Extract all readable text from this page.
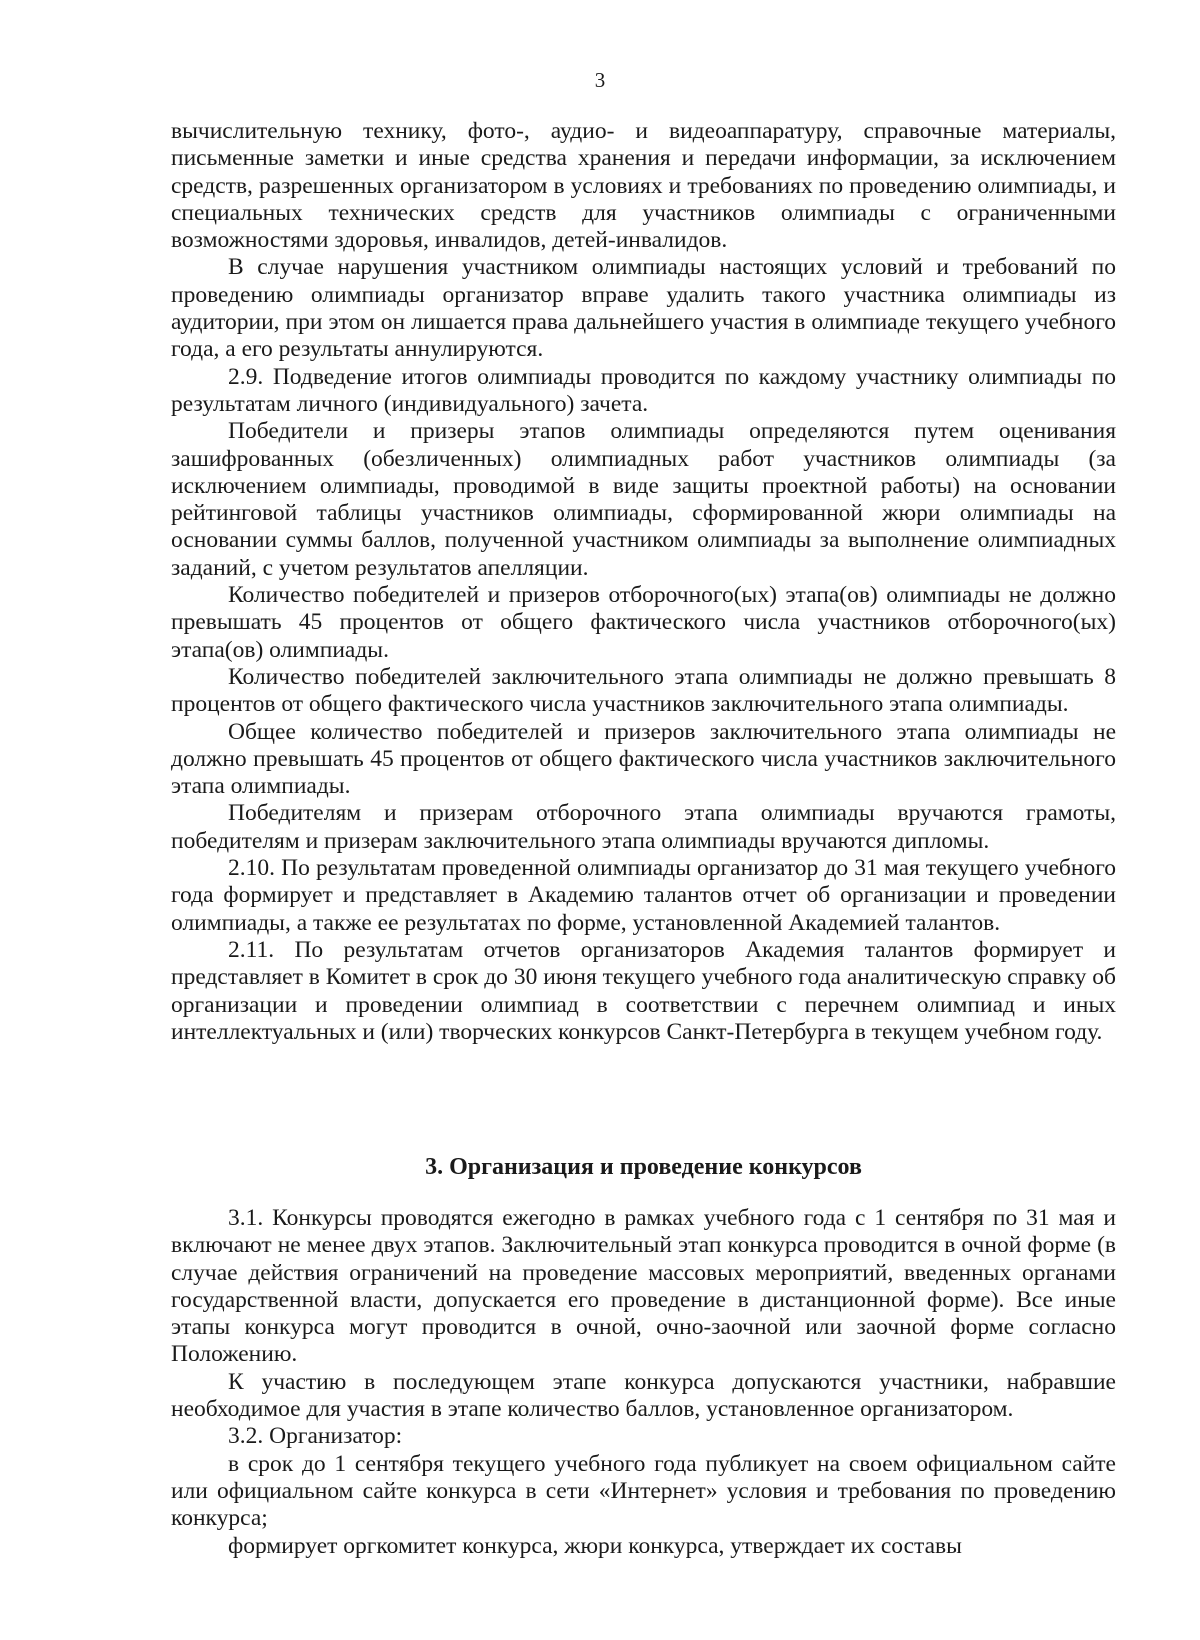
3

вычислительную технику, фото-, аудио- и видеоаппаратуру, справочные материалы, письменные заметки и иные средства хранения и передачи информации, за исключением средств, разрешенных организатором в условиях и требованиях по проведению олимпиады, и специальных технических средств для участников олимпиады с ограниченными возможностями здоровья, инвалидов, детей-инвалидов.

В случае нарушения участником олимпиады настоящих условий и требований по проведению олимпиады организатор вправе удалить такого участника олимпиады из аудитории, при этом он лишается права дальнейшего участия в олимпиаде текущего учебного года, а его результаты аннулируются.

2.9. Подведение итогов олимпиады проводится по каждому участнику олимпиады по результатам личного (индивидуального) зачета.

Победители и призеры этапов олимпиады определяются путем оценивания зашифрованных (обезличенных) олимпиадных работ участников олимпиады (за исключением олимпиады, проводимой в виде защиты проектной работы) на основании рейтинговой таблицы участников олимпиады, сформированной жюри олимпиады на основании суммы баллов, полученной участником олимпиады за выполнение олимпиадных заданий, с учетом результатов апелляции.

Количество победителей и призеров отборочного(ых) этапа(ов) олимпиады не должно превышать 45 процентов от общего фактического числа участников отборочного(ых) этапа(ов) олимпиады.

Количество победителей заключительного этапа олимпиады не должно превышать 8 процентов от общего фактического числа участников заключительного этапа олимпиады.

Общее количество победителей и призеров заключительного этапа олимпиады не должно превышать 45 процентов от общего фактического числа участников заключительного этапа олимпиады.

Победителям и призерам отборочного этапа олимпиады вручаются грамоты, победителям и призерам заключительного этапа олимпиады вручаются дипломы.

2.10. По результатам проведенной олимпиады организатор до 31 мая текущего учебного года формирует и представляет в Академию талантов отчет об организации и проведении олимпиады, а также ее результатах по форме, установленной Академией талантов.

2.11. По результатам отчетов организаторов Академия талантов формирует и представляет в Комитет в срок до 30 июня текущего учебного года аналитическую справку об организации и проведении олимпиад в соответствии с перечнем олимпиад и иных интеллектуальных и (или) творческих конкурсов Санкт-Петербурга в текущем учебном году.

3. Организация и проведение конкурсов

3.1. Конкурсы проводятся ежегодно в рамках учебного года с 1 сентября по 31 мая и включают не менее двух этапов. Заключительный этап конкурса проводится в очной форме (в случае действия ограничений на проведение массовых мероприятий, введенных органами государственной власти, допускается его проведение в дистанционной форме). Все иные этапы конкурса могут проводится в очной, очно-заочной или заочной форме согласно Положению.

К участию в последующем этапе конкурса допускаются участники, набравшие необходимое для участия в этапе количество баллов, установленное организатором.

3.2. Организатор:

в срок до 1 сентября текущего учебного года публикует на своем официальном сайте или официальном сайте конкурса в сети «Интернет» условия и требования по проведению конкурса;

формирует оргкомитет конкурса, жюри конкурса, утверждает их составы
